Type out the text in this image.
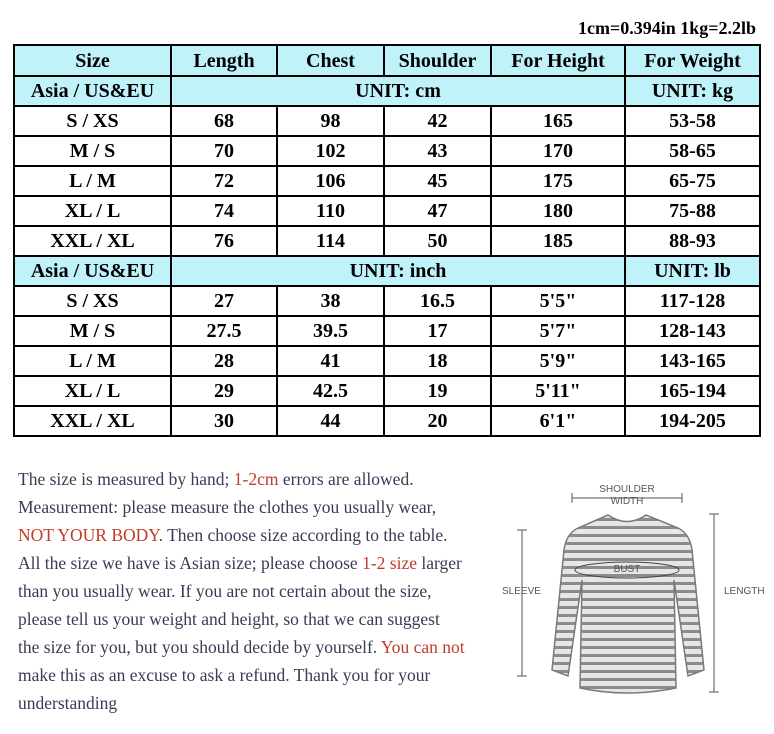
1cm=0.394in 1kg=2.2lb
Size	Length	Chest	Shoulder	For Height	For Weight
Asia / US&EU	UNIT: cm				UNIT: kg
S / XS	68	98	42	165	53-58
M / S	70	102	43	170	58-65
L / M	72	106	45	175	65-75
XL / L	74	110	47	180	75-88
XXL / XL	76	114	50	185	88-93
Asia / US&EU	UNIT: inch				UNIT: lb
S / XS	27	38	16.5	5'5"	117-128
M / S	27.5	39.5	17	5'7"	128-143
L / M	28	41	18	5'9"	143-165
XL / L	29	42.5	19	5'11"	165-194
XXL / XL	30	44	20	6'1"	194-205
The size is measured by hand; 1-2cm errors are allowed.
Measurement: please measure the clothes you usually wear,
NOT YOUR BODY. Then choose size according to the table.
All the size we have is Asian size; please choose 1-2 size larger
than you usually wear. If you are not certain about the size,
please tell us your weight and height, so that we can suggest
the size for you, but you should decide by yourself. You can not
make this as an excuse to ask a refund. Thank you for your
understanding
SHOULDER
WIDTH
BUST
SLEEVE	LENGTH
